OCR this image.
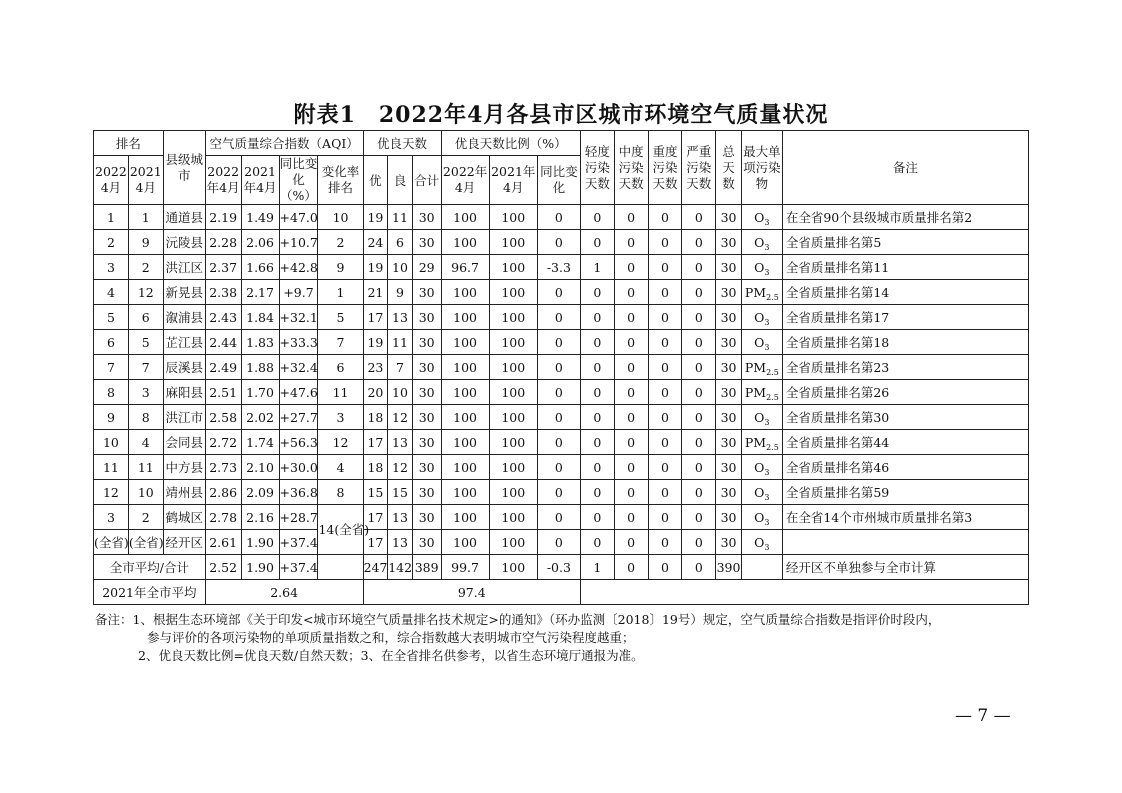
附表1　2022年4月各县市区城市环境空气质量状况
排名		县级城市	空气质量综合指数（AQI）				优良天数			优良天数比例（%）			轻度污染天数	中度污染天数	重度污染天数	严重污染天数	总天数	最大单项污染物	备注
2022 4月	2021 4月		2022年4月	2021年4月	同比变化（%）	变化率排名	优	良	合计	2022年4月	2021年4月	同比变化							
1	1	通道县	2.19	1.49	+47.0	10	19	11	30	100	100	0	0	0	0	0	30	$O_3$	在全省90个县级城市质量排名第2
2	9	沅陵县	2.28	2.06	+10.7	2	24	6	30	100	100	0	0	0	0	0	30	$O_3$	全省质量排名第5
3	2	洪江区	2.37	1.66	+42.8	9	19	10	29	96.7	100	-3.3	1	0	0	0	30	$O_3$	全省质量排名第11
4	12	新晃县	2.38	2.17	+9.7	1	21	9	30	100	100	0	0	0	0	0	30	$PM_{2.5}$	全省质量排名第14
5	6	溆浦县	2.43	1.84	+32.1	5	17	13	30	100	100	0	0	0	0	0	30	$O_3$	全省质量排名第17
6	5	芷江县	2.44	1.83	+33.3	7	19	11	30	100	100	0	0	0	0	0	30	$O_3$	全省质量排名第18
7	7	辰溪县	2.49	1.88	+32.4	6	23	7	30	100	100	0	0	0	0	0	30	$PM_{2.5}$	全省质量排名第23
8	3	麻阳县	2.51	1.70	+47.6	11	20	10	30	100	100	0	0	0	0	0	30	$PM_{2.5}$	全省质量排名第26
9	8	洪江市	2.58	2.02	+27.7	3	18	12	30	100	100	0	0	0	0	0	30	$O_3$	全省质量排名第30
10	4	会同县	2.72	1.74	+56.3	12	17	13	30	100	100	0	0	0	0	0	30	$PM_{2.5}$	全省质量排名第44
11	11	中方县	2.73	2.10	+30.0	4	18	12	30	100	100	0	0	0	0	0	30	$O_3$	全省质量排名第46
12	10	靖州县	2.86	2.09	+36.8	8	15	15	30	100	100	0	0	0	0	0	30	$O_3$	全省质量排名第59
3	2	鹤城区	2.78	2.16	+28.7	14(全省)	17	13	30	100	100	0	0	0	0	0	30	$O_3$	在全省14个市州城市质量排名第3
(全省)	(全省)	经开区	2.61	1.90	+37.4		17	13	30	100	100	0	0	0	0	0	30	$O_3$	
全市平均/合计			2.52	1.90	+37.4		247	142	389	99.7	100	-0.3	1	0	0	0	390		经开区不单独参与全市计算
2021年全市平均			2.64				97.4												
备注：1、根据生态环境部《关于印发<城市环境空气质量排名技术规定>的通知》（环办监测〔2018〕19号）规定，空气质量综合指数是指评价时段内，
参与评价的各项污染物的单项质量指数之和，综合指数越大表明城市空气污染程度越重；
2、优良天数比例=优良天数/自然天数；3、在全省排名供参考，以省生态环境厅通报为准。
— 7 —
